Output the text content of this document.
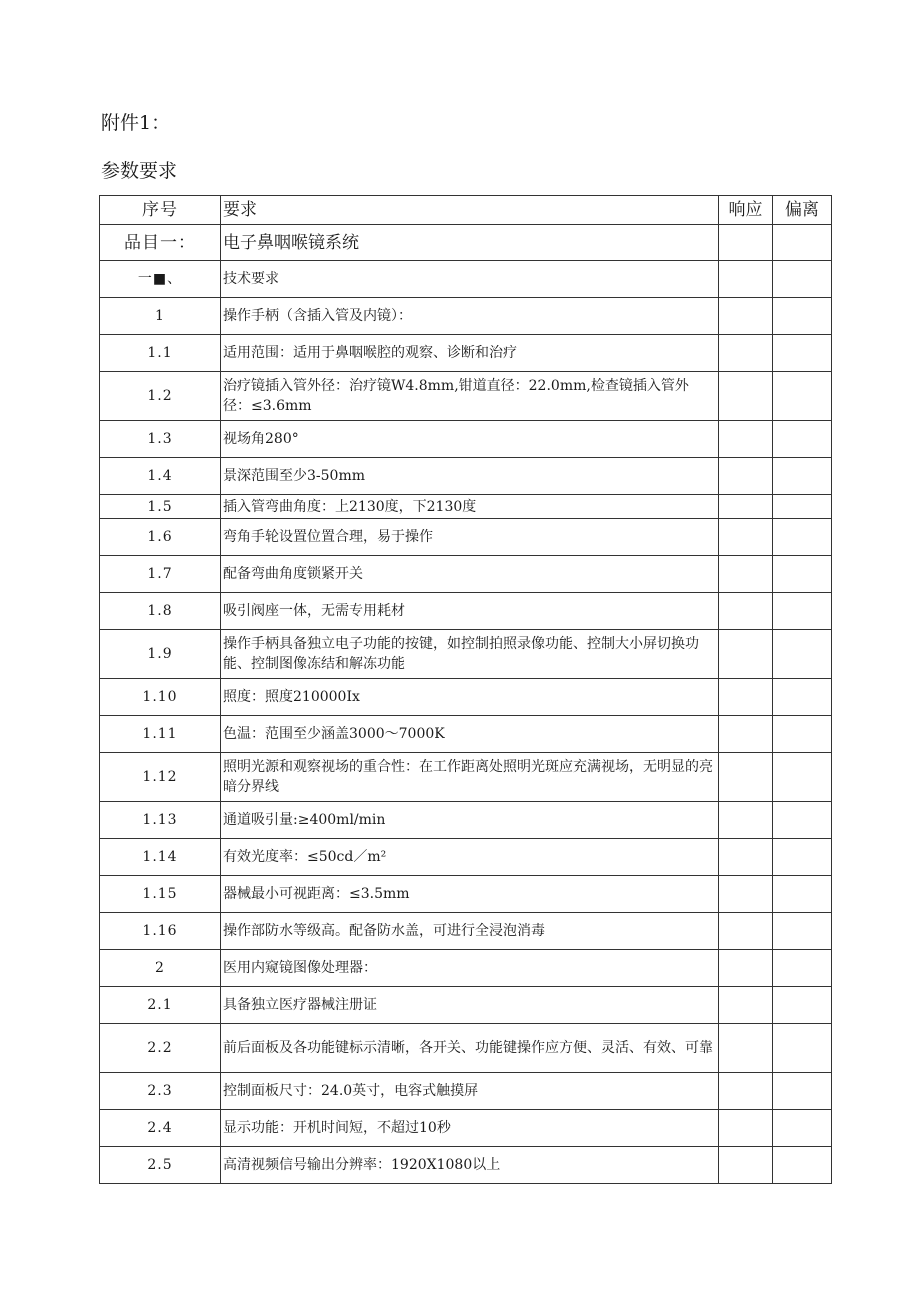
附件1：
参数要求
序号	要求	响应	偏离
品目一：	电子鼻咽喉镜系统		
一■、	技术要求		
1	操作手柄（含插入管及内镜）：		
1.1	适用范围：适用于鼻咽喉腔的观察、诊断和治疗		
1.2	治疗镜插入管外径：治疗镜W4.8mm,钳道直径：22.0mm,检查镜插入管外径：≤3.6mm		
1.3	视场角280°		
1.4	景深范围至少3-50mm		
1.5	插入管弯曲角度：上2130度，下2130度		
1.6	弯角手轮设置位置合理，易于操作		
1.7	配备弯曲角度锁紧开关		
1.8	吸引阀座一体，无需专用耗材		
1.9	操作手柄具备独立电子功能的按键，如控制拍照录像功能、控制大小屏切换功能、控制图像冻结和解冻功能		
1.10	照度：照度210000Ix		
1.11	色温：范围至少涵盖3000〜7000K		
1.12	照明光源和观察视场的重合性：在工作距离处照明光斑应充满视场，无明显的亮暗分界线		
1.13	通道吸引量:≥400ml/min		
1.14	有效光度率：≤50cd／m²		
1.15	器械最小可视距离：≤3.5mm		
1.16	操作部防水等级高。配备防水盖，可进行全浸泡消毒		
2	医用内窥镜图像处理器：		
2.1	具备独立医疗器械注册证		
2.2	前后面板及各功能键标示清晰，各开关、功能键操作应方便、灵活、有效、可靠		
2.3	控制面板尺寸：24.0英寸，电容式触摸屏		
2.4	显示功能：开机时间短，不超过10秒		
2.5	高清视频信号输出分辨率：1920X1080以上		
